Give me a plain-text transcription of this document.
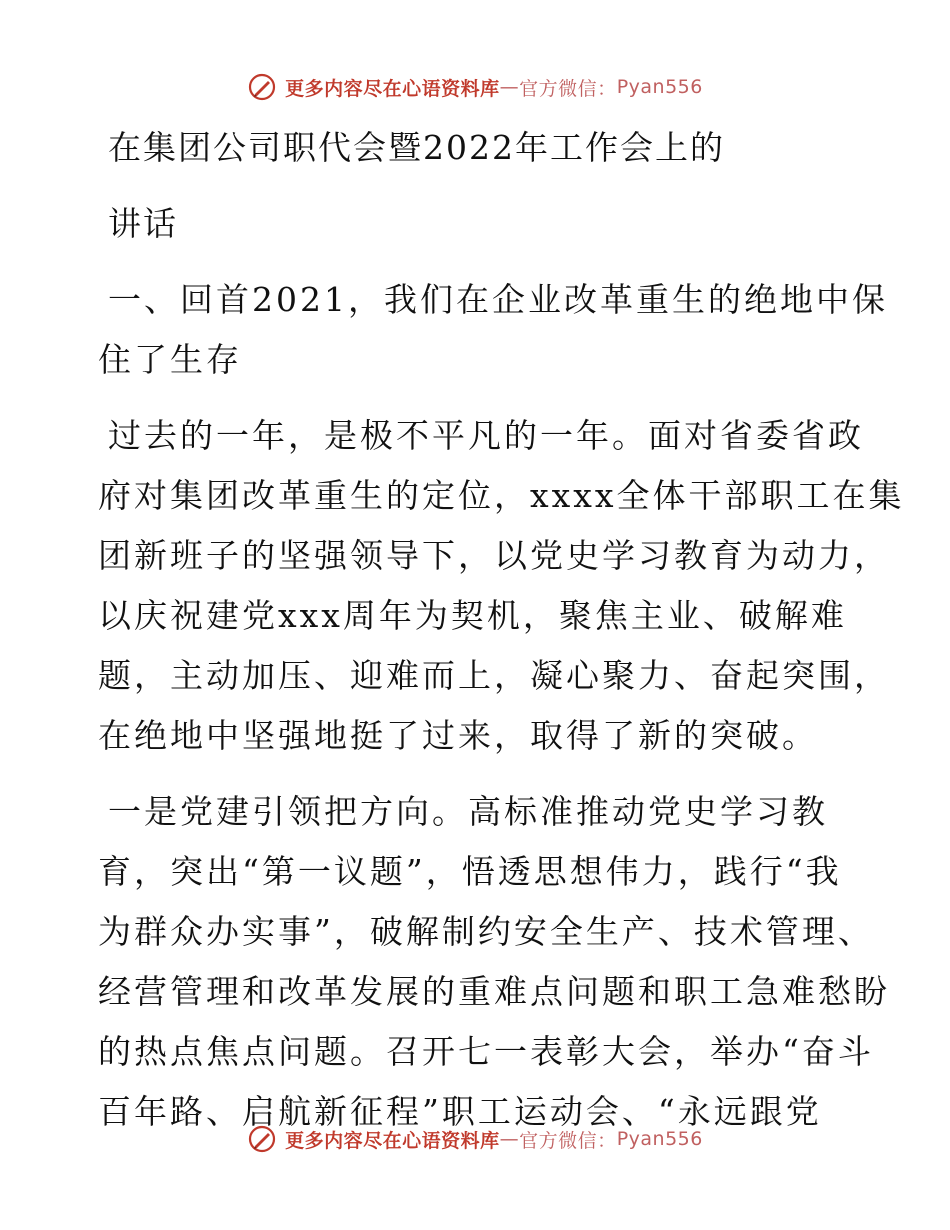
更多内容尽在心语资料库 — 官方微信： Pyan556
在集团公司职代会暨2022年工作会上的
讲话
一、回首2021，我们在企业改革重生的绝地中保
住了生存
过去的一年，是极不平凡的一年。面对省委省政
府对集团改革重生的定位，xxxx全体干部职工在集
团新班子的坚强领导下，以党史学习教育为动力，
以庆祝建党xxx周年为契机，聚焦主业、破解难
题，主动加压、迎难而上，凝心聚力、奋起突围，
在绝地中坚强地挺了过来，取得了新的突破。
一是党建引领把方向。高标准推动党史学习教
育，突出“第一议题”，悟透思想伟力，践行“我
为群众办实事”，破解制约安全生产、技术管理、
经营管理和改革发展的重难点问题和职工急难愁盼
的热点焦点问题。召开七一表彰大会，举办“奋斗
百年路、启航新征程”职工运动会、“永远跟党
更多内容尽在心语资料库 — 官方微信： Pyan556
